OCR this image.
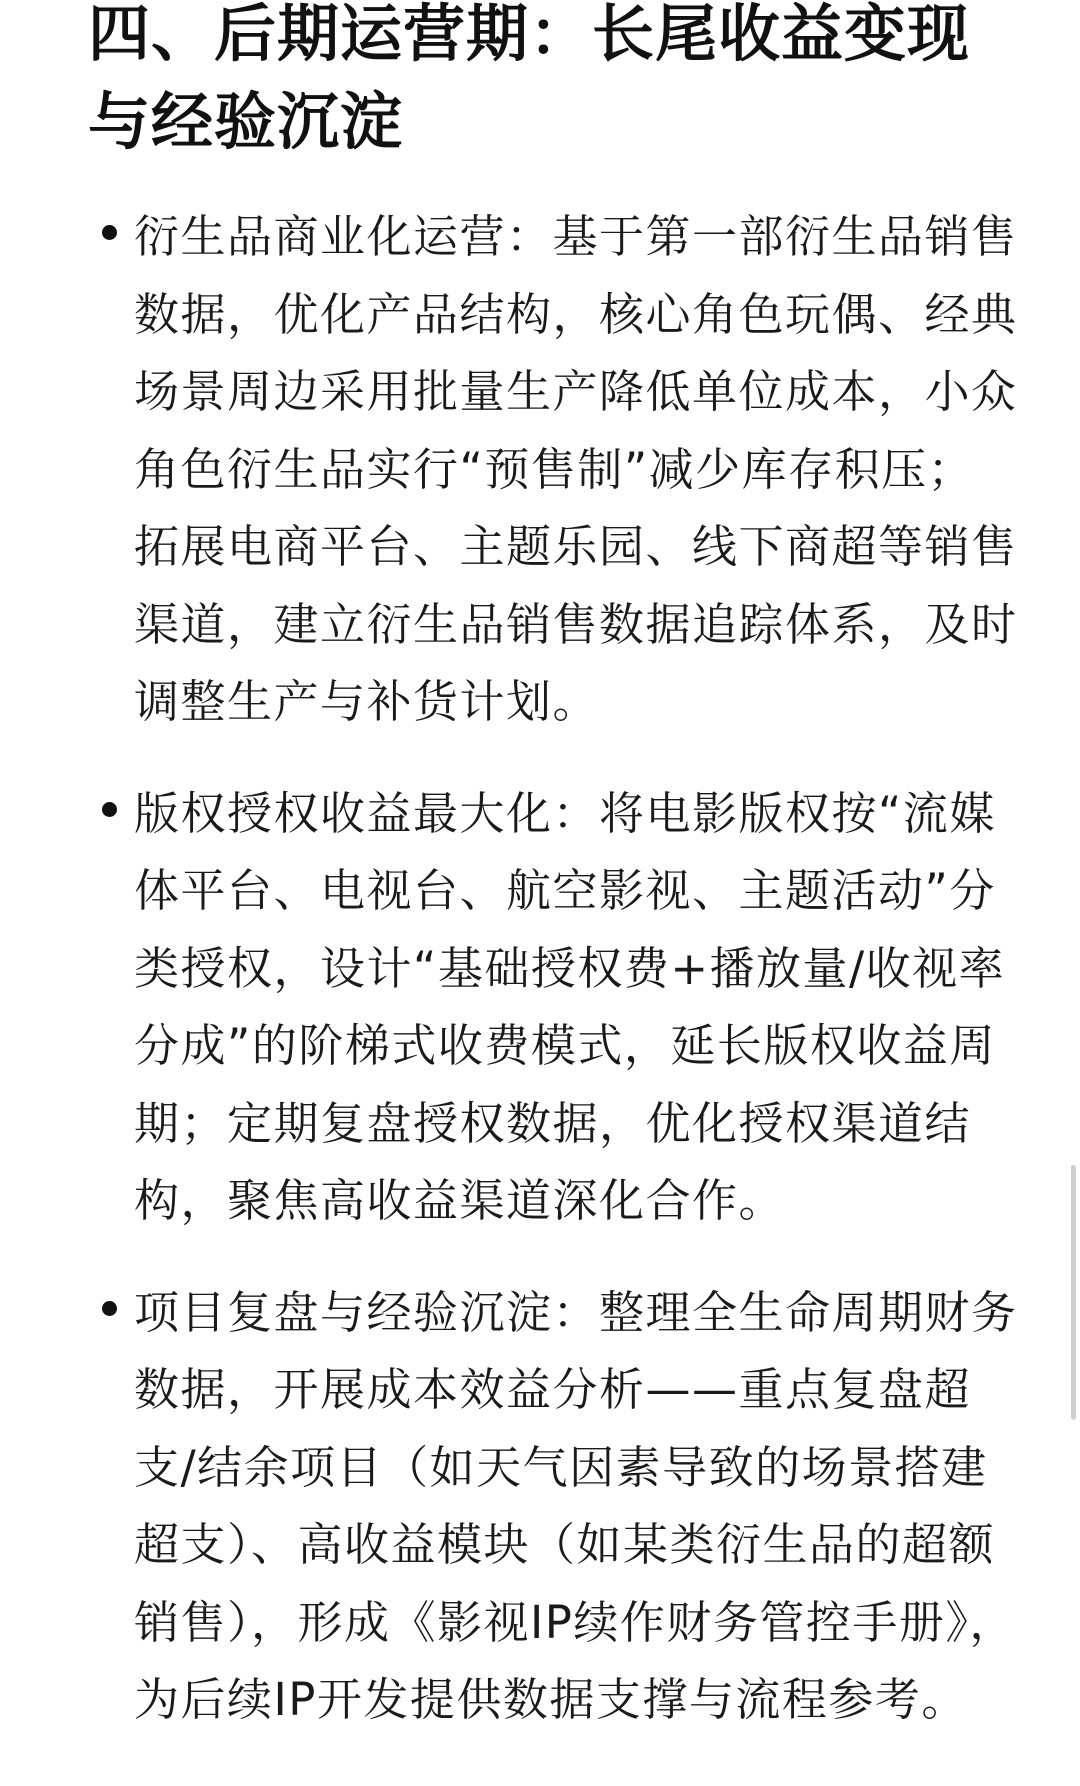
四、后期运营期：长尾收益变现与经验沉淀

衍生品商业化运营：基于第一部衍生品销售数据，优化产品结构，核心角色玩偶、经典场景周边采用批量生产降低单位成本，小众角色衍生品实行“预售制”减少库存积压；拓展电商平台、主题乐园、线下商超等销售渠道，建立衍生品销售数据追踪体系，及时调整生产与补货计划。

版权授权收益最大化：将电影版权按“流媒体平台、电视台、航空影视、主题活动”分类授权，设计“基础授权费+播放量/收视率分成”的阶梯式收费模式，延长版权收益周期；定期复盘授权数据，优化授权渠道结构，聚焦高收益渠道深化合作。

项目复盘与经验沉淀：整理全生命周期财务数据，开展成本效益分析——重点复盘超支/结余项目（如天气因素导致的场景搭建超支）、高收益模块（如某类衍生品的超额销售），形成《影视IP续作财务管控手册》，为后续IP开发提供数据支撑与流程参考。
